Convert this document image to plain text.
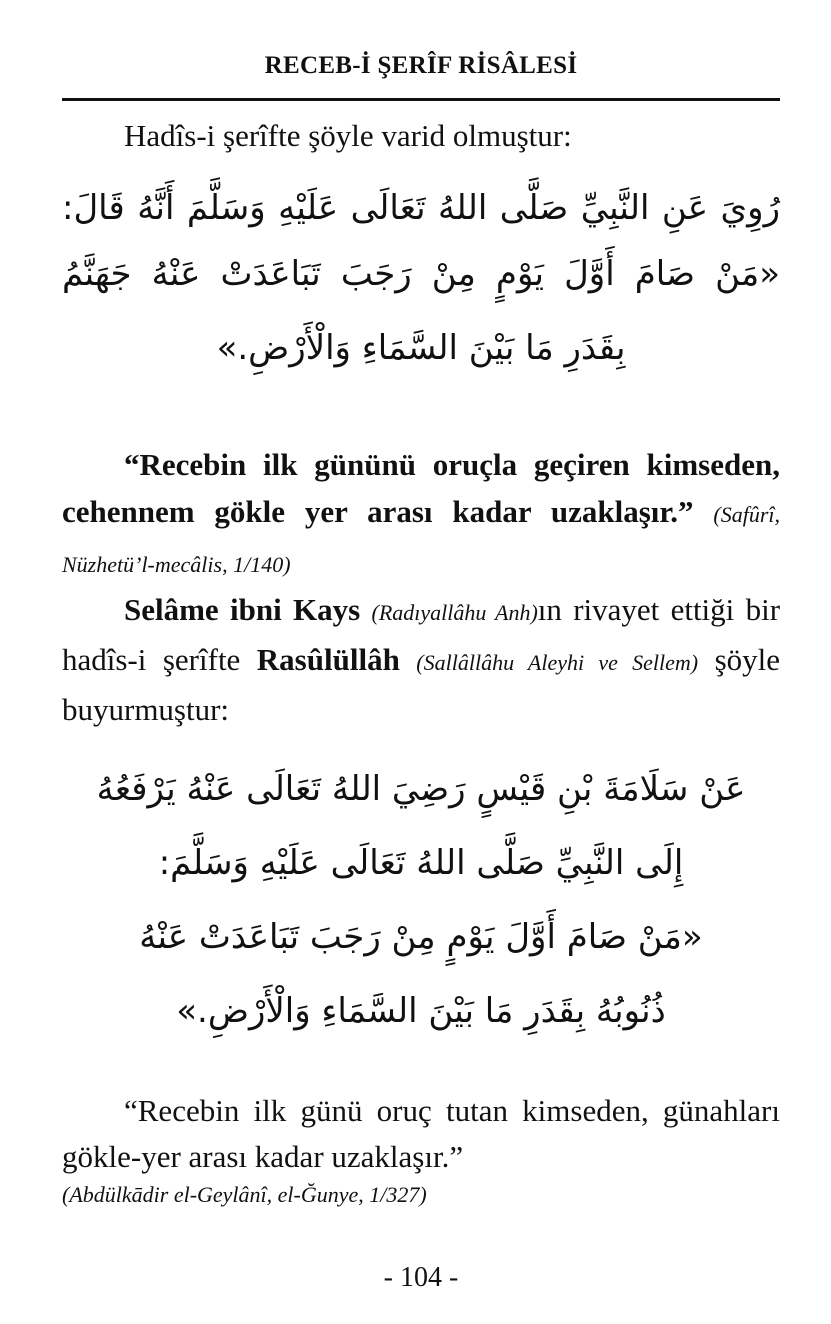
RECEB-İ ŞERÎF RİSÂLESİ

Hadîs-i şerîfte şöyle varid olmuştur:

رُوِيَ عَنِ النَّبِيِّ صَلَّى اللهُ تَعَالَى عَلَيْهِ وَسَلَّمَ أَنَّهُ قَالَ:

«مَنْ صَامَ أَوَّلَ يَوْمٍ مِنْ رَجَبَ تَبَاعَدَتْ عَنْهُ جَهَنَّمُ

بِقَدَرِ مَا بَيْنَ السَّمَاءِ وَالْأَرْضِ.»

“Recebin ilk gününü oruçla geçiren kimseden, cehennem gökle yer arası kadar uzaklaşır.” (Safûrî, Nüzhetü’l-mecâlis, 1/140)

Selâme ibni Kays (Radıyallâhu Anh)ın rivayet ettiği bir hadîs-i şerîfte Rasûlüllâh (Sallâllâhu Aleyhi ve Sellem) şöyle buyurmuştur:

عَنْ سَلَامَةَ بْنِ قَيْسٍ رَضِيَ اللهُ تَعَالَى عَنْهُ يَرْفَعُهُ

إِلَى النَّبِيِّ صَلَّى اللهُ تَعَالَى عَلَيْهِ وَسَلَّمَ:

«مَنْ صَامَ أَوَّلَ يَوْمٍ مِنْ رَجَبَ تَبَاعَدَتْ عَنْهُ

ذُنُوبُهُ بِقَدَرِ مَا بَيْنَ السَّمَاءِ وَالْأَرْضِ.»

“Recebin ilk günü oruç tutan kimseden, günahları gökle-yer arası kadar uzaklaşır.”

(Abdülkādir el-Geylânî, el-Ğunye, 1/327)

- 104 -
